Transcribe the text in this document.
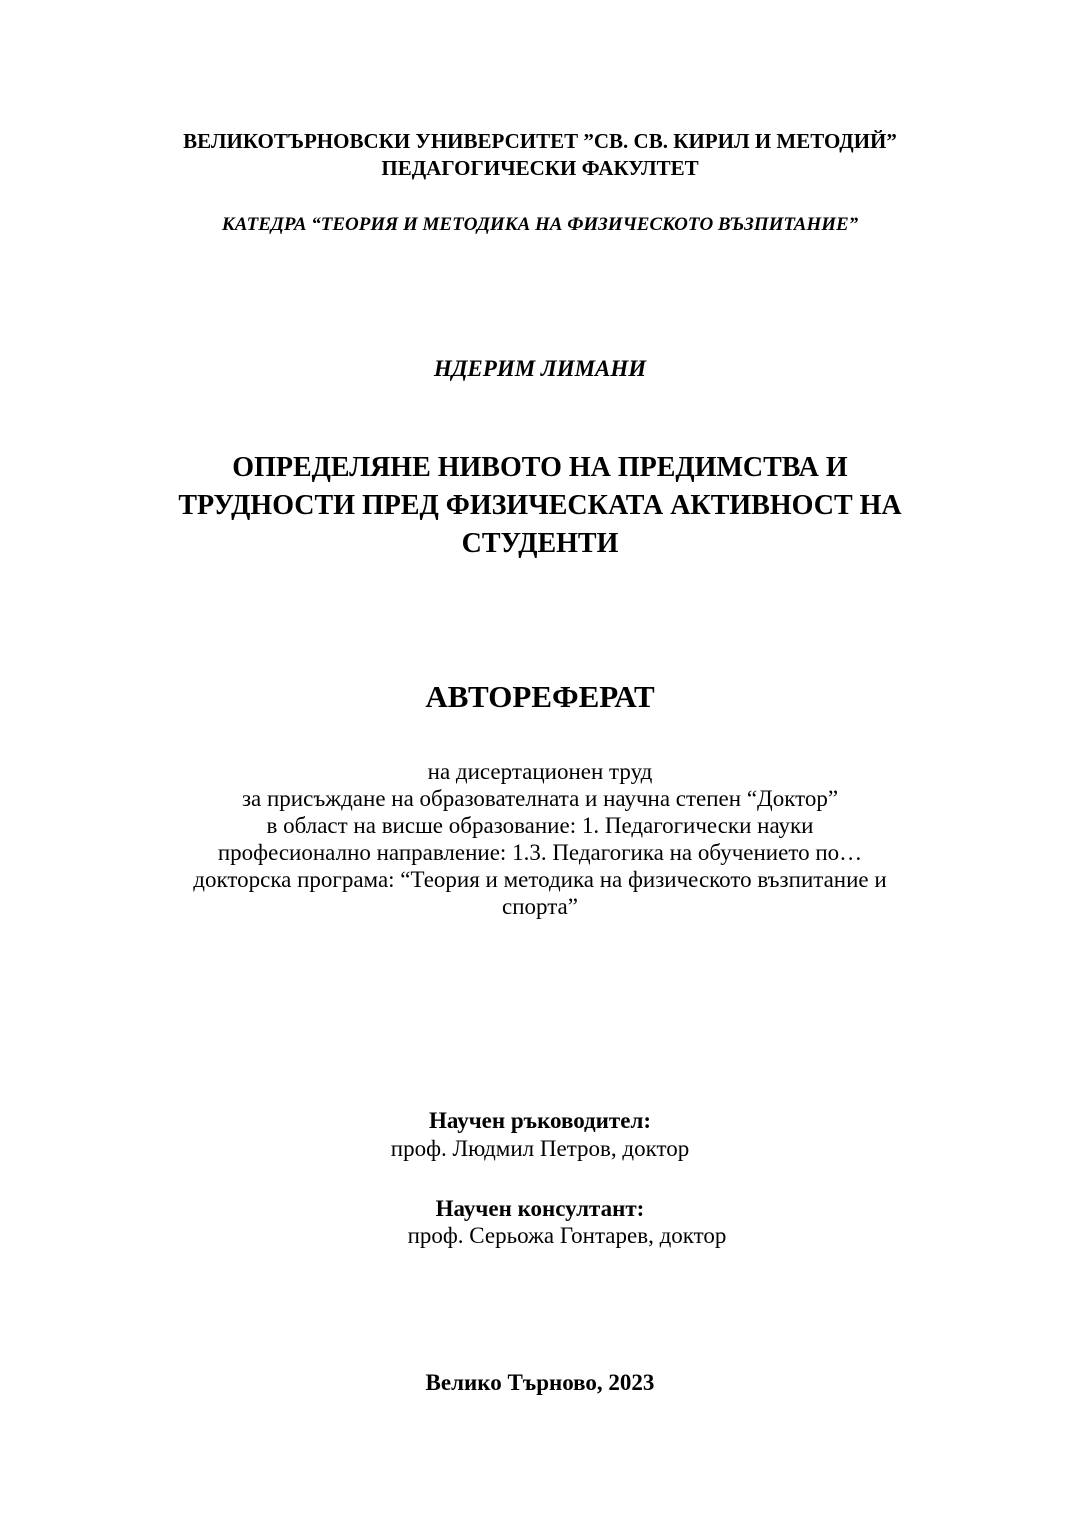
ВЕЛИКОТЪРНОВСКИ УНИВЕРСИТЕТ ”СВ. СВ. КИРИЛ И МЕТОДИЙ”
ПЕДАГОГИЧЕСКИ ФАКУЛТЕТ
КАТЕДРА “ТЕОРИЯ И МЕТОДИКА НА ФИЗИЧЕСКОТО ВЪЗПИТАНИЕ”
НДЕРИМ ЛИМАНИ
ОПРЕДЕЛЯНЕ НИВОТО НА ПРЕДИМСТВА И
ТРУДНОСТИ ПРЕД ФИЗИЧЕСКАТА АКТИВНОСТ НА
СТУДЕНТИ
АВТОРЕФЕРАТ
на дисертационен труд
за присъждане на образователната и научна степен “Доктор”
в област на висше образование: 1. Педагогически науки
професионално направление: 1.3. Педагогика на обучението по…
докторска програма: “Теория и методика на физическото възпитание и
спорта”
Научен ръководител:
проф. Людмил Петров, доктор
Научен консултант:
проф. Серьожа Гонтарев, доктор
Велико Търново, 2023
